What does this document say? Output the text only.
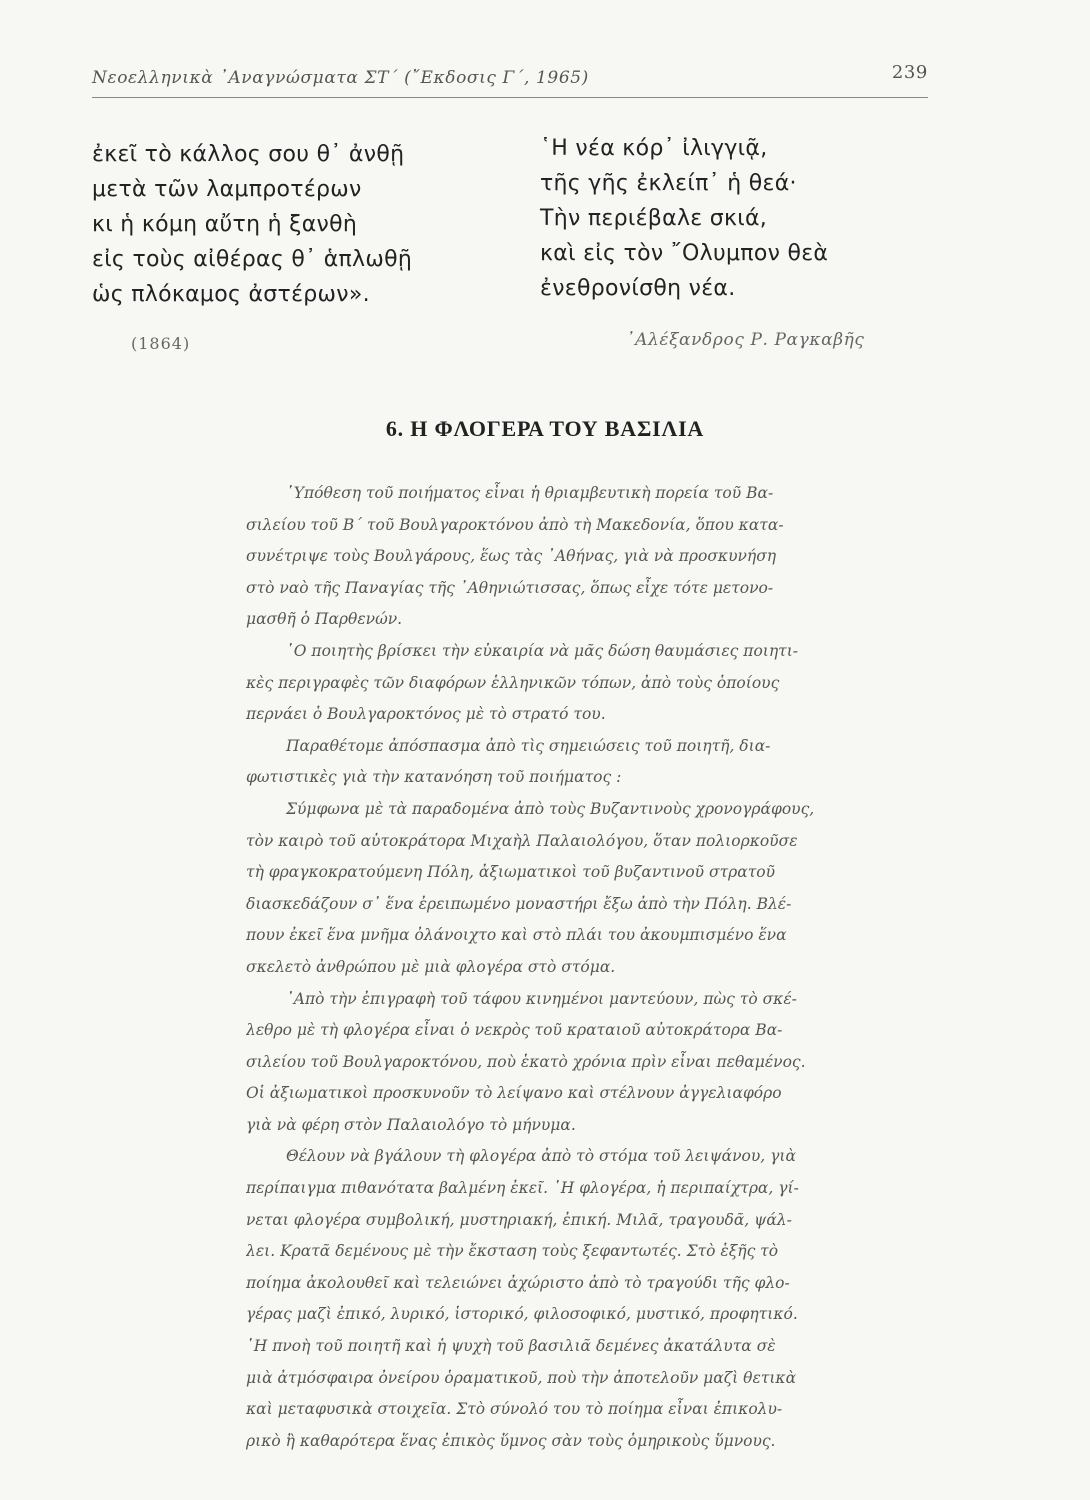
Νεοελληνικὰ ᾿Αναγνώσματα ΣΤ΄ (῎Εκδοσις Γ΄, 1965)	239
ἐκεῖ τὸ κάλλος σου θ᾿ ἀνθῇ
μετὰ τῶν λαμπροτέρων
κι ἡ κόμη αὔτη ἡ ξανθὴ
εἰς τοὺς αἰθέρας θ᾿ ἁπλωθῇ
ὡς πλόκαμος ἀστέρων».
(1864)
῾Η νέα κόρ᾿ ἰλιγγιᾷ,
τῆς γῆς ἐκλείπ᾿ ἡ θεά·
Τὴν περιέβαλε σκιά,
καὶ εἰς τὸν ῎Ολυμπον θεὰ
ἐνεθρονίσθη νέα.
᾿Αλέξανδρος Ρ. Ραγκαβῆς
6. Η ΦΛΟΓΕΡΑ ΤΟΥ ΒΑΣΙΛΙΑ
῾Υπόθεση τοῦ ποιήματος εἶναι ἡ θριαμβευτικὴ πορεία τοῦ Βα-
σιλείου τοῦ Β΄ τοῦ Βουλγαροκτόνου ἀπὸ τὴ Μακεδονία, ὅπου κατα-
συνέτριψε τοὺς Βουλγάρους, ἕως τὰς ᾿Αθήνας, γιὰ νὰ προσκυνήση
στὸ ναὸ τῆς Παναγίας τῆς ᾿Αθηνιώτισσας, ὅπως εἶχε τότε μετονο-
μασθῆ ὁ Παρθενών.
῾Ο ποιητὴς βρίσκει τὴν εὐκαιρία νὰ μᾶς δώση θαυμάσιες ποιητι-
κὲς περιγραφὲς τῶν διαφόρων ἑλληνικῶν τόπων, ἀπὸ τοὺς ὁποίους
περνάει ὁ Βουλγαροκτόνος μὲ τὸ στρατό του.
Παραθέτομε ἀπόσπασμα ἀπὸ τὶς σημειώσεις τοῦ ποιητῆ, δια-
φωτιστικὲς γιὰ τὴν κατανόηση τοῦ ποιήματος :
Σύμφωνα μὲ τὰ παραδομένα ἀπὸ τοὺς Βυζαντινοὺς χρονογράφους,
τὸν καιρὸ τοῦ αὐτοκράτορα Μιχαὴλ Παλαιολόγου, ὅταν πολιορκοῦσε
τὴ φραγκοκρατούμενη Πόλη, ἀξιωματικοὶ τοῦ βυζαντινοῦ στρατοῦ
διασκεδάζουν σ᾿ ἕνα ἐρειπωμένο μοναστήρι ἔξω ἀπὸ τὴν Πόλη. Βλέ-
πουν ἐκεῖ ἕνα μνῆμα ὀλάνοιχτο καὶ στὸ πλάι του ἀκουμπισμένο ἕνα
σκελετὸ ἀνθρώπου μὲ μιὰ φλογέρα στὸ στόμα.
᾿Απὸ τὴν ἐπιγραφὴ τοῦ τάφου κινημένοι μαντεύουν, πὼς τὸ σκέ-
λεθρο μὲ τὴ φλογέρα εἶναι ὁ νεκρὸς τοῦ κραταιοῦ αὐτοκράτορα Βα-
σιλείου τοῦ Βουλγαροκτόνου, ποὺ ἑκατὸ χρόνια πρὶν εἶναι πεθαμένος.
Οἱ ἀξιωματικοὶ προσκυνοῦν τὸ λείψανο καὶ στέλνουν ἀγγελιαφόρο
γιὰ νὰ φέρη στὸν Παλαιολόγο τὸ μήνυμα.
Θέλουν νὰ βγάλουν τὴ φλογέρα ἀπὸ τὸ στόμα τοῦ λειψάνου, γιὰ
περίπαιγμα πιθανότατα βαλμένη ἐκεῖ. ῾Η φλογέρα, ἡ περιπαίχτρα, γί-
νεται φλογέρα συμβολική, μυστηριακή, ἐπική. Μιλᾶ, τραγουδᾶ, ψάλ-
λει. Κρατᾶ δεμένους μὲ τὴν ἔκσταση τοὺς ξεφαντωτές. Στὸ ἑξῆς τὸ
ποίημα ἀκολουθεῖ καὶ τελειώνει ἀχώριστο ἀπὸ τὸ τραγούδι τῆς φλο-
γέρας μαζὶ ἐπικό, λυρικό, ἱστορικό, φιλοσοφικό, μυστικό, προφητικό.
῾Η πνοὴ τοῦ ποιητῆ καὶ ἡ ψυχὴ τοῦ βασιλιᾶ δεμένες ἀκατάλυτα σὲ
μιὰ ἀτμόσφαιρα ὀνείρου ὁραματικοῦ, ποὺ τὴν ἀποτελοῦν μαζὶ θετικὰ
καὶ μεταφυσικὰ στοιχεῖα. Στὸ σύνολό του τὸ ποίημα εἶναι ἐπικολυ-
ρικὸ ἢ καθαρότερα ἕνας ἐπικὸς ὕμνος σὰν τοὺς ὁμηρικοὺς ὕμνους.
